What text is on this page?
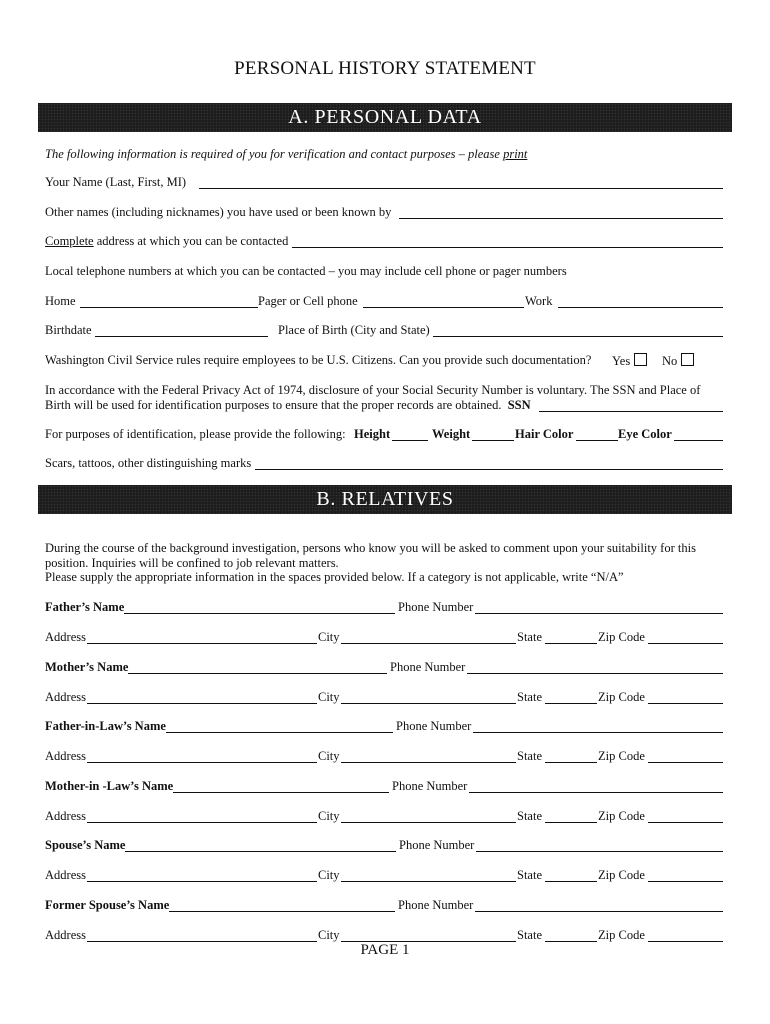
PERSONAL HISTORY STATEMENT
A. PERSONAL DATA
The following information is required of you for verification and contact purposes – please print
Your Name (Last, First, MI)
Other names (including nicknames) you have used or been known by
Complete address at which you can be contacted
Local telephone numbers at which you can be contacted – you may include cell phone or pager numbers
Home	Pager or Cell phone	Work
Birthdate	Place of Birth (City and State)
Washington Civil Service rules require employees to be U.S. Citizens. Can you provide such documentation? Yes	No
In accordance with the Federal Privacy Act of 1974, disclosure of your Social Security Number is voluntary. The SSN and Place of
Birth will be used for identification purposes to ensure that the proper records are obtained. SSN
For purposes of identification, please provide the following: Height	Weight	Hair Color	Eye Color
Scars, tattoos, other distinguishing marks
B. RELATIVES
During the course of the background investigation, persons who know you will be asked to comment upon your suitability for this
position. Inquiries will be confined to job relevant matters.
Please supply the appropriate information in the spaces provided below. If a category is not applicable, write “N/A”
Father’s Name	Phone Number
Address	City	State	Zip Code
Mother’s Name	Phone Number
Address	City	State	Zip Code
Father-in-Law’s Name	Phone Number
Address	City	State	Zip Code
Mother-in -Law’s Name	Phone Number
Address	City	State	Zip Code
Spouse’s Name	Phone Number
Address	City	State	Zip Code
Former Spouse’s Name	Phone Number
Address	City	State	Zip Code
PAGE 1
